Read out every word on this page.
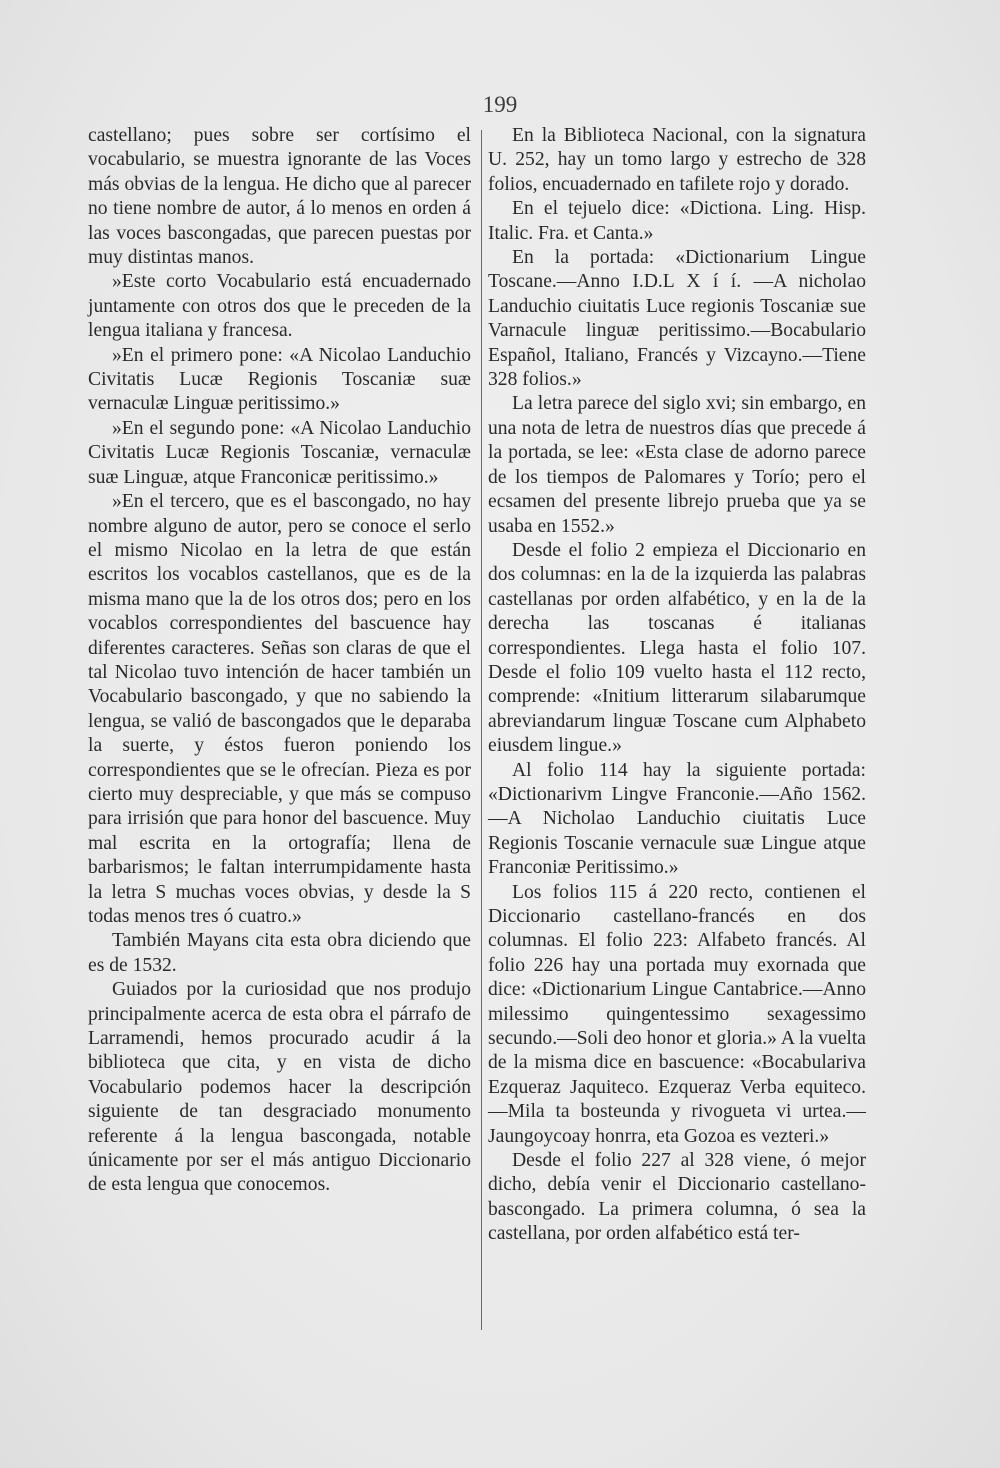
199

castellano; pues sobre ser cortísimo el vocabulario, se muestra ignorante de las Voces más obvias de la lengua. He dicho que al parecer no tiene nombre de autor, á lo menos en orden á las voces bascongadas, que parecen puestas por muy distintas manos.

»Este corto Vocabulario está encuadernado juntamente con otros dos que le preceden de la lengua italiana y francesa.

»En el primero pone: «A Nicolao Landuchio Civitatis Lucæ Regionis Toscaniæ suæ vernaculæ Linguæ peritissimo.»

»En el segundo pone: «A Nicolao Landuchio Civitatis Lucæ Regionis Toscaniæ, vernaculæ suæ Linguæ, atque Franconicæ peritissimo.»

»En el tercero, que es el bascongado, no hay nombre alguno de autor, pero se conoce el serlo el mismo Nicolao en la letra de que están escritos los vocablos castellanos, que es de la misma mano que la de los otros dos; pero en los vocablos correspondientes del bascuence hay diferentes caracteres. Señas son claras de que el tal Nicolao tuvo intención de hacer también un Vocabulario bascongado, y que no sabiendo la lengua, se valió de bascongados que le deparaba la suerte, y éstos fueron poniendo los correspondientes que se le ofrecían. Pieza es por cierto muy despreciable, y que más se compuso para irrisión que para honor del bascuence. Muy mal escrita en la ortografía; llena de barbarismos; le faltan interrumpidamente hasta la letra S muchas voces obvias, y desde la S todas menos tres ó cuatro.»

También Mayans cita esta obra diciendo que es de 1532.

Guiados por la curiosidad que nos produjo principalmente acerca de esta obra el párrafo de Larramendi, hemos procurado acudir á la biblioteca que cita, y en vista de dicho Vocabulario podemos hacer la descripción siguiente de tan desgraciado monumento referente á la lengua bascongada, notable únicamente por ser el más antiguo Diccionario de esta lengua que conocemos.

En la Biblioteca Nacional, con la signatura U. 252, hay un tomo largo y estrecho de 328 folios, encuadernado en tafilete rojo y dorado.

En el tejuelo dice: «Dictiona. Ling. Hisp. Italic. Fra. et Canta.»

En la portada: «Dictionarium Lingue Toscane.—Anno I.D.L X í í. —A nicholao Landuchio ciuitatis Luce regionis Toscaniæ sue Varnacule linguæ peritissimo.—Bocabulario Español, Italiano, Francés y Vizcayno.—Tiene 328 folios.»

La letra parece del siglo xvi; sin embargo, en una nota de letra de nuestros días que precede á la portada, se lee: «Esta clase de adorno parece de los tiempos de Palomares y Torío; pero el ecsamen del presente librejo prueba que ya se usaba en 1552.»

Desde el folio 2 empieza el Diccionario en dos columnas: en la de la izquierda las palabras castellanas por orden alfabético, y en la de la derecha las toscanas é italianas correspondientes. Llega hasta el folio 107. Desde el folio 109 vuelto hasta el 112 recto, comprende: «Initium litterarum silabarumque abreviandarum linguæ Toscane cum Alphabeto eiusdem lingue.»

Al folio 114 hay la siguiente portada: «Dictionarivm Lingve Franconie.—Año 1562.—A Nicholao Landuchio ciuitatis Luce Regionis Toscanie vernacule suæ Lingue atque Franconiæ Peritissimo.»

Los folios 115 á 220 recto, contienen el Diccionario castellano-francés en dos columnas. El folio 223: Alfabeto francés. Al folio 226 hay una portada muy exornada que dice: «Dictionarium Lingue Cantabrice.—Anno milessimo quingentessimo sexagessimo secundo.—Soli deo honor et gloria.» A la vuelta de la misma dice en bascuence: «Bocabulariva Ezqueraz Jaquiteco. Ezqueraz Verba equiteco.—Mila ta bosteunda y rivogueta vi urtea.—Jaungoycoay honrra, eta Gozoa es vezteri.»

Desde el folio 227 al 328 viene, ó mejor dicho, debía venir el Diccionario castellano-bascongado. La primera columna, ó sea la castellana, por orden alfabético está ter-
